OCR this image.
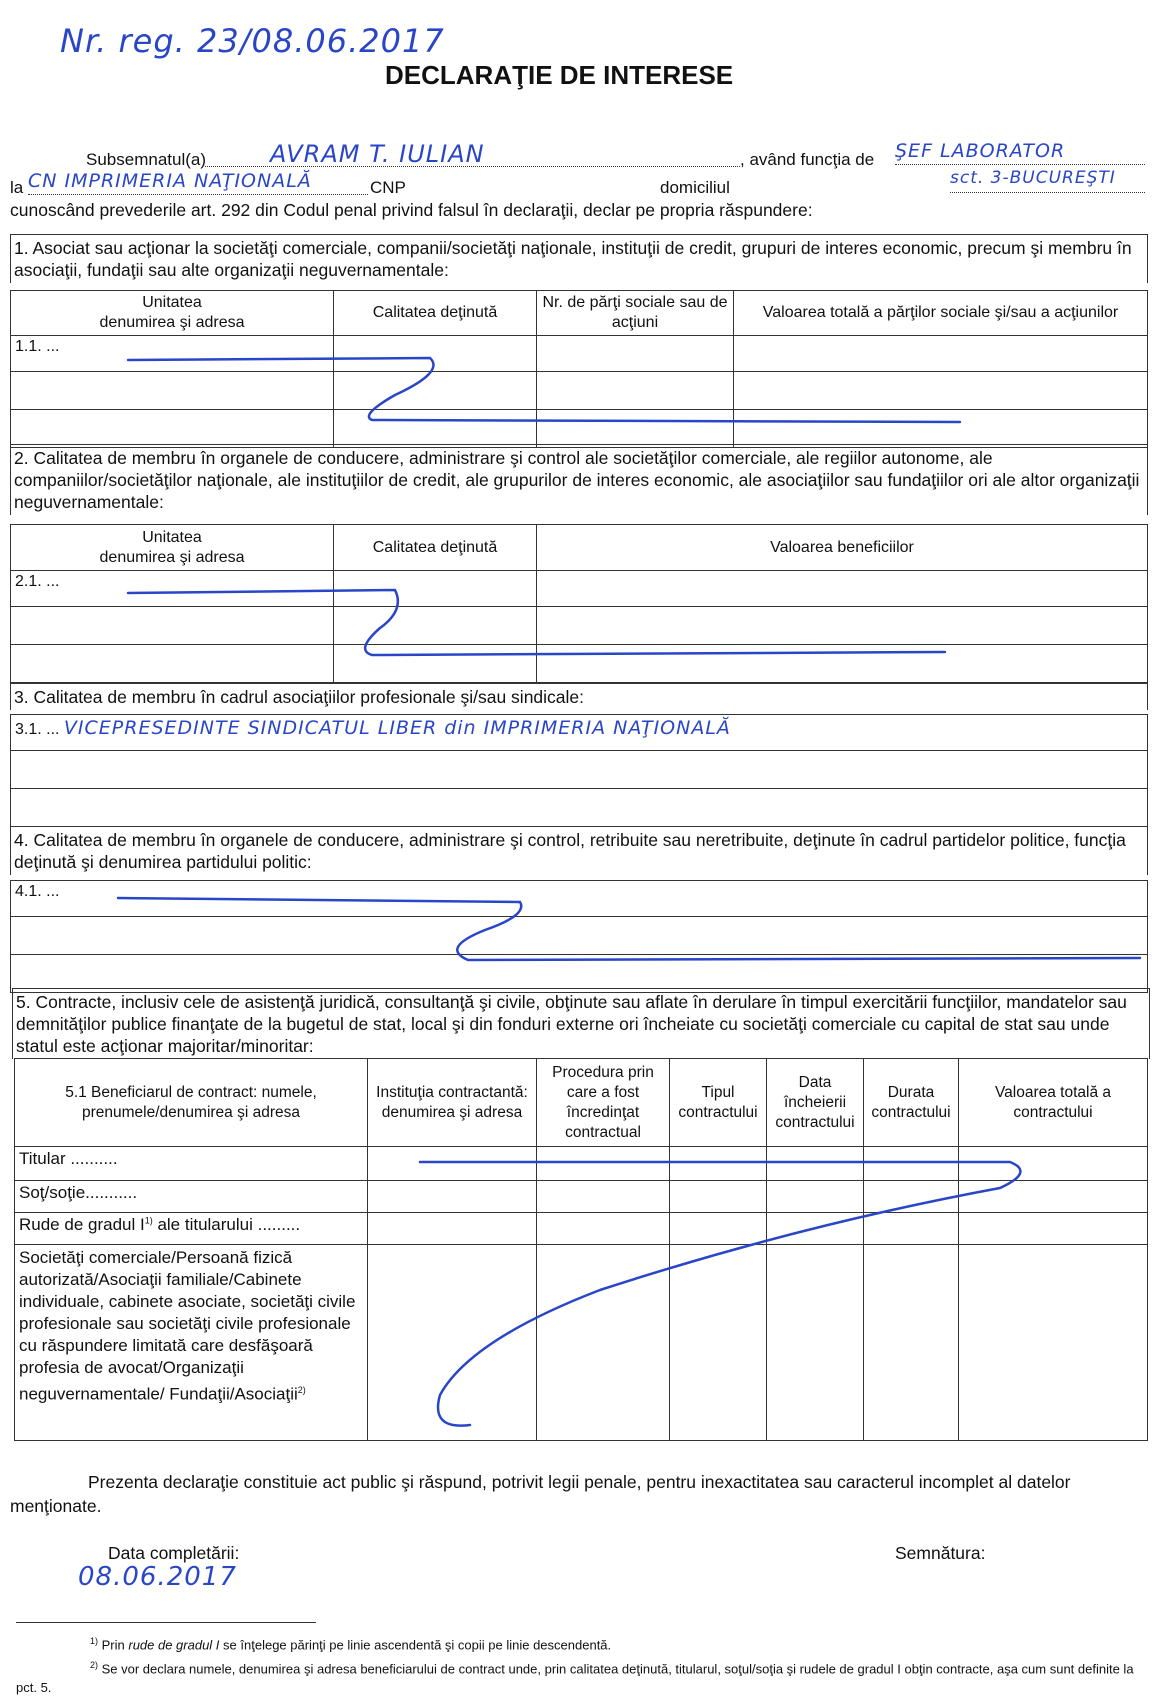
Nr. reg. 23/08.06.2017
DECLARAŢIE DE INTERESE
Subsemnatul(a)	AVRAM T. IULIAN	, având funcţia de ŞEF LABORATOR
la CN IMPRIMERIA NAŢIONALĂ	CNP	domiciliul	sct. 3-BUCUREŞTI
cunoscând prevederile art. 292 din Codul penal privind falsul în declaraţii, declar pe propria răspundere:
1. Asociat sau acţionar la societăţi comerciale, companii/societăţi naţionale, instituţii de credit, grupuri de interes economic, precum şi membru în asociaţii, fundaţii sau alte organizaţii neguvernamentale:
Unitatea
denumirea şi adresa	Calitatea deţinută	Nr. de părţi sociale sau de acţiuni	Valoarea totală a părţilor sociale şi/sau a acţiunilor
1.1. ...			

2. Calitatea de membru în organele de conducere, administrare şi control ale societăţilor comerciale, ale regiilor autonome, ale companiilor/societăţilor naţionale, ale instituţiilor de credit, ale grupurilor de interes economic, ale asociaţiilor sau fundaţiilor ori ale altor organizaţii neguvernamentale:
Unitatea
denumirea şi adresa	Calitatea deţinută	Valoarea beneficiilor
2.1. ...		

3. Calitatea de membru în cadrul asociaţiilor profesionale şi/sau sindicale:
3.1. ... VICEPRESEDINTE SINDICATUL LIBER din IMPRIMERIA NAŢIONALĂ

4. Calitatea de membru în organele de conducere, administrare şi control, retribuite sau neretribuite, deţinute în cadrul partidelor politice, funcţia deţinută şi denumirea partidului politic:
4.1. ...

5. Contracte, inclusiv cele de asistenţă juridică, consultanţă şi civile, obţinute sau aflate în derulare în timpul exercitării funcţiilor, mandatelor sau demnităţilor publice finanţate de la bugetul de stat, local şi din fonduri externe ori încheiate cu societăţi comerciale cu capital de stat sau unde statul este acţionar majoritar/minoritar:
5.1 Beneficiarul de contract: numele, prenumele/denumirea şi adresa	Instituţia contractantă: denumirea şi adresa	Procedura prin care a fost încredinţat contractual	Tipul contractului	Data încheierii contractului	Durata contractului	Valoarea totală a contractului
Titular ..........						
Soţ/soţie...........						
Rude de gradul $I^{1)}$ ale titularului .........						
Societăţi comerciale/Persoană fizică autorizată/Asociaţii familiale/Cabinete individuale, cabinete asociate, societăţi civile profesionale sau societăţi civile profesionale cu răspundere limitată care desfăşoară profesia de avocat/Organizaţii neguvernamentale/ Fundaţii/Asociaţii$^{2)}$						
Prezenta declaraţie constituie act public şi răspund, potrivit legii penale, pentru inexactitatea sau caracterul incomplet al datelor menţionate.
Data completării:
08.06.2017
Semnătura:
$^{1)}$ Prin rude de gradul I se înţelege părinţi pe linie ascendentă şi copii pe linie descendentă.
$^{2)}$ Se vor declara numele, denumirea şi adresa beneficiarului de contract unde, prin calitatea deţinută, titularul, soţul/soţia şi rudele de gradul I obţin contracte, aşa cum sunt definite la pct. 5.
